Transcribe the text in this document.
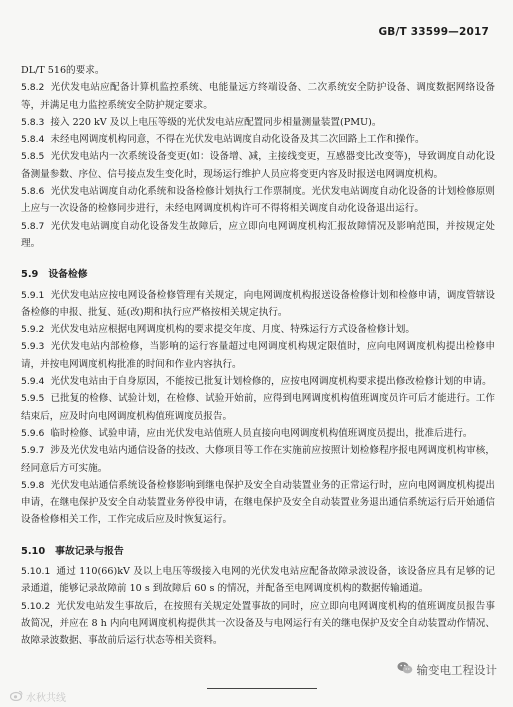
GB/T 33599—2017

DL/T 516的要求。

5.8.2 光伏发电站应配备计算机监控系统、电能量远方终端设备、二次系统安全防护设备、调度数据网络设备等，并满足电力监控系统安全防护规定要求。

5.8.3 接入 220 kV 及以上电压等级的光伏发电站应配置同步相量测量装置(PMU)。

5.8.4 未经电网调度机构同意，不得在光伏发电站调度自动化设备及其二次回路上工作和操作。

5.8.5 光伏发电站内一次系统设备变更(如：设备增、减，主接线变更，互感器变比改变等)，导致调度自动化设备测量参数、序位、信号接点发生变化时，现场运行维护人员应将变更内容及时报送电网调度机构。

5.8.6 光伏发电站调度自动化系统和设备检修计划执行工作票制度。光伏发电站调度自动化设备的计划检修原则上应与一次设备的检修同步进行，未经电网调度机构许可不得将相关调度自动化设备退出运行。

5.8.7 光伏发电站调度自动化设备发生故障后，应立即向电网调度机构汇报故障情况及影响范围，并按规定处理。

5.9 设备检修

5.9.1 光伏发电站应按电网设备检修管理有关规定，向电网调度机构报送设备检修计划和检修申请，调度管辖设备检修的申报、批复、延(改)期和执行应严格按相关规定执行。

5.9.2 光伏发电站应根据电网调度机构的要求提交年度、月度、特殊运行方式设备检修计划。

5.9.3 光伏发电站内部检修，当影响的运行容量超过电网调度机构规定限值时，应向电网调度机构提出检修申请，并按电网调度机构批准的时间和作业内容执行。

5.9.4 光伏发电站由于自身原因，不能按已批复计划检修的，应按电网调度机构要求提出修改检修计划的申请。

5.9.5 已批复的检修、试验计划，在检修、试验开始前，应得到电网调度机构值班调度员许可后才能进行。工作结束后，应及时向电网调度机构值班调度员报告。

5.9.6 临时检修、试验申请，应由光伏发电站值班人员直接向电网调度机构值班调度员提出，批准后进行。

5.9.7 涉及光伏发电站内通信设备的技改、大修项目等工作在实施前应按照计划检修程序报电网调度机构审核，经同意后方可实施。

5.9.8 光伏发电站通信系统设备检修影响到继电保护及安全自动装置业务的正常运行时，应向电网调度机构提出申请，在继电保护及安全自动装置业务停役申请，在继电保护及安全自动装置业务退出通信系统运行后开始通信设备检修相关工作，工作完成后应及时恢复运行。

5.10 事故记录与报告

5.10.1 通过 110(66)kV 及以上电压等级接入电网的光伏发电站应配备故障录波设备，该设备应具有足够的记录通道，能够记录故障前 10 s 到故障后 60 s 的情况，并配备至电网调度机构的数据传输通道。

5.10.2 光伏发电站发生事故后，在按照有关规定处置事故的同时，应立即向电网调度机构的值班调度员报告事故简况，并应在 8 h 内向电网调度机构提供其一次设备及与电网运行有关的继电保护及安全自动装置动作情况、故障录波数据、事故前后运行状态等相关资料。

水秋共线
输变电工程设计
